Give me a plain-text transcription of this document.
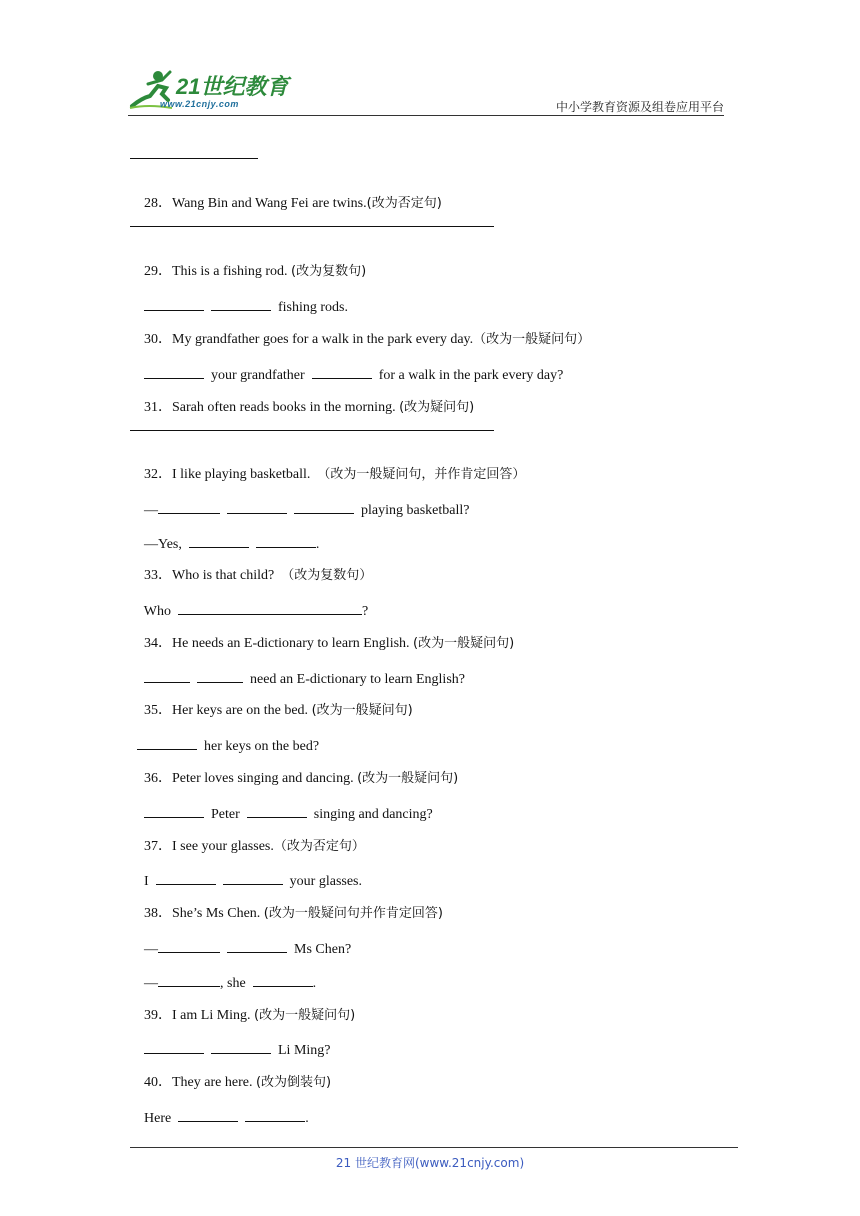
21世纪教育
www.21cnjy.com	中小学教育资源及组卷应用平台

28．Wang Bin and Wang Fei are twins.(改为否定句)

29．This is a fishing rod. (改为复数句)

fishing rods.

30．My grandfather goes for a walk in the park every day.（改为一般疑问句）

your grandfather	for a walk in the park every day?

31．Sarah often reads books in the morning. (改为疑问句)

32．I like playing basketball.  （改为一般疑问句，并作肯定回答）

—	playing basketball?

—Yes,	.

33．Who is that child?  （改为复数句）

Who	?

34．He needs an E-dictionary to learn English. (改为一般疑问句)

need an E-dictionary to learn English?

35．Her keys are on the bed. (改为一般疑问句)

her keys on the bed?

36．Peter loves singing and dancing. (改为一般疑问句)

Peter	singing and dancing?

37．I see your glasses.（改为否定句）

I	your glasses.

38．She’s Ms Chen. (改为一般疑问句并作肯定回答)

—	Ms Chen?

—	, she	.

39．I am Li Ming. (改为一般疑问句)

Li Ming?

40．They are here. (改为倒装句)

Here	.

21 世纪教育网(www.21cnjy.com)
